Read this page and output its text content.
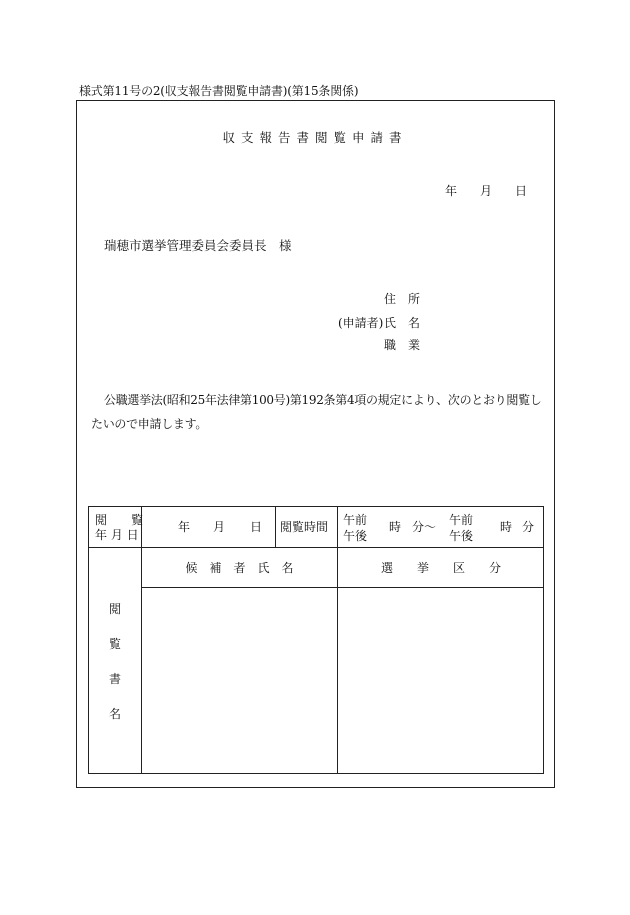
様式第11号の2(収支報告書閲覧申請書)(第15条関係)
収支報告書閲覧申請書
年 月 日
瑞穂市選挙管理委員会委員長　様
住　所
(申請者) 氏　名
職　業
公職選挙法(昭和25年法律第100号)第192条第4項の規定により、次のとおり閲覧したいので申請します。
閲　　覧
年 月 日
年 月 日 閲覧時間 午前
午後
時 分～ 午前
午後
時 分
閲
覧
書
名
候　補　者　氏　名	選　　挙　　区　　分
